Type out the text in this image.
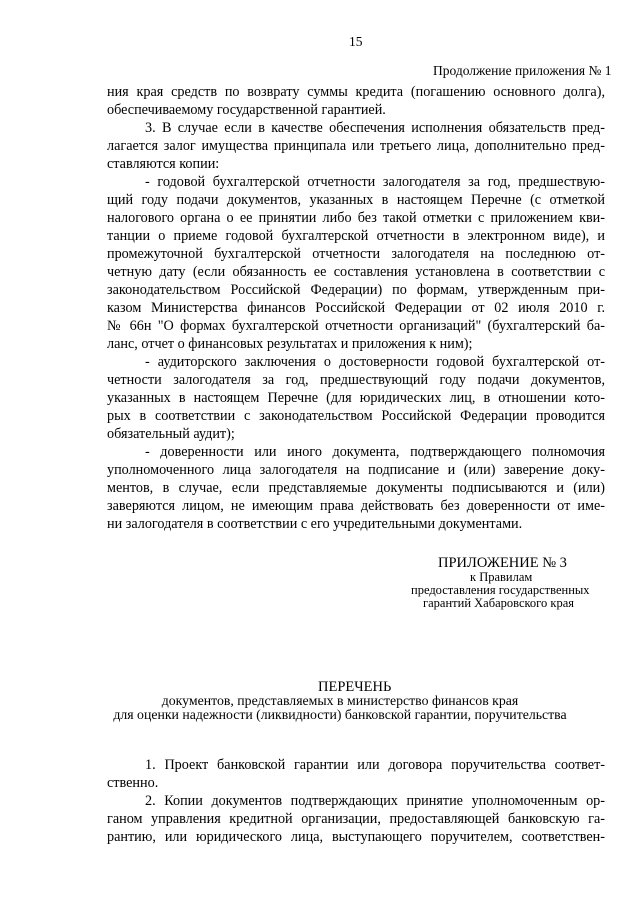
15
Продолжение приложения № 1
ния края средств по возврату суммы кредита (погашению основного долга),
обеспечиваемому государственной гарантией.
3. В случае если в качестве обеспечения исполнения обязательств пред-
лагается залог имущества принципала или третьего лица, дополнительно пред-
ставляются копии:
- годовой бухгалтерской отчетности залогодателя за год, предшествую-
щий году подачи документов, указанных в настоящем Перечне (с отметкой
налогового органа о ее принятии либо без такой отметки с приложением кви-
танции о приеме годовой бухгалтерской отчетности в электронном виде), и
промежуточной бухгалтерской отчетности залогодателя на последнюю от-
четную дату (если обязанность ее составления установлена в соответствии с
законодательством Российской Федерации) по формам, утвержденным при-
казом Министерства финансов Российской Федерации от 02 июля 2010 г.
№ 66н "О формах бухгалтерской отчетности организаций" (бухгалтерский ба-
ланс, отчет о финансовых результатах и приложения к ним);
- аудиторского заключения о достоверности годовой бухгалтерской от-
четности залогодателя за год, предшествующий году подачи документов,
указанных в настоящем Перечне (для юридических лиц, в отношении кото-
рых в соответствии с законодательством Российской Федерации проводится
обязательный аудит);
- доверенности или иного документа, подтверждающего полномочия
уполномоченного лица залогодателя на подписание и (или) заверение доку-
ментов, в случае, если представляемые документы подписываются и (или)
заверяются лицом, не имеющим права действовать без доверенности от име-
ни залогодателя в соответствии с его учредительными документами.
ПРИЛОЖЕНИЕ № 3
к Правилам
предоставления государственных
гарантий Хабаровского края
ПЕРЕЧЕНЬ
документов, представляемых в министерство финансов края
для оценки надежности (ликвидности) банковской гарантии, поручительства
1. Проект банковской гарантии или договора поручительства соответ-
ственно.
2. Копии документов подтверждающих принятие уполномоченным ор-
ганом управления кредитной организации, предоставляющей банковскую га-
рантию, или юридического лица, выступающего поручителем, соответствен-
